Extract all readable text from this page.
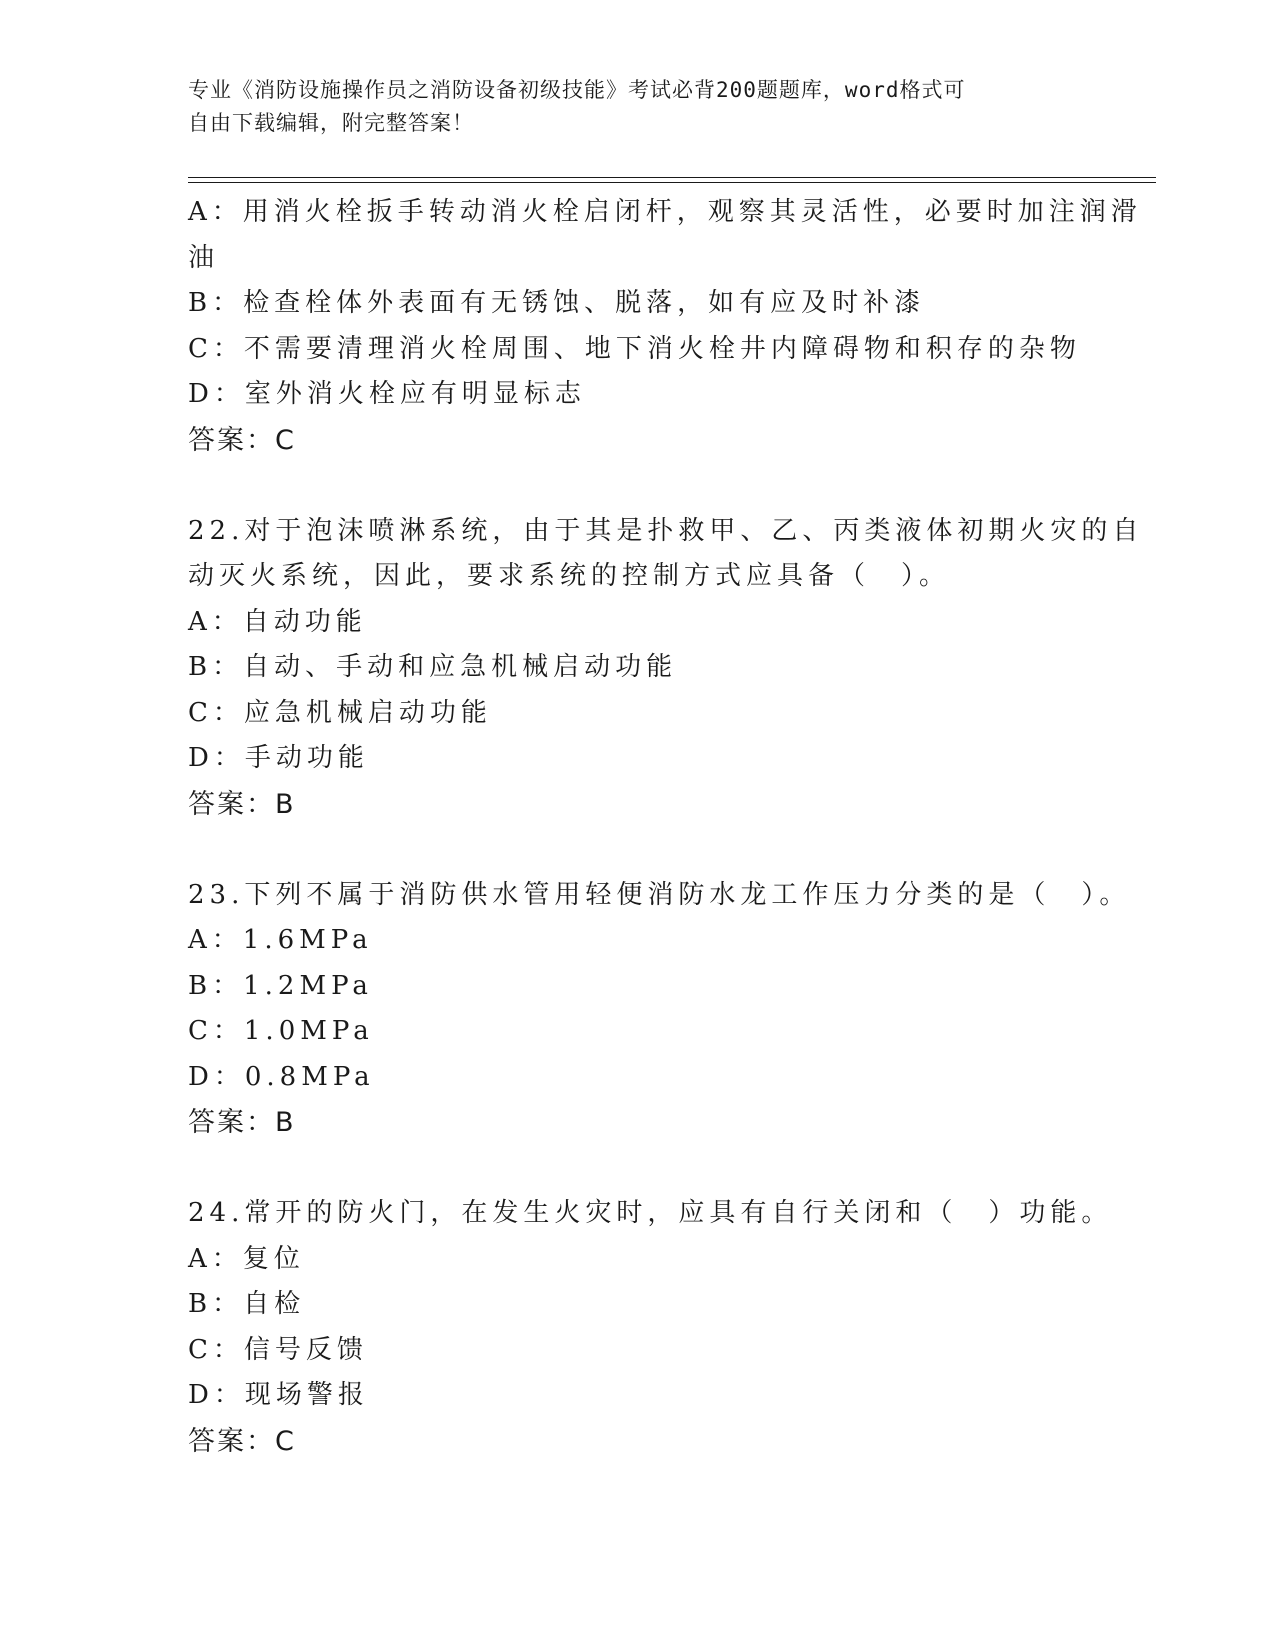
专业《消防设施操作员之消防设备初级技能》考试必背200题题库，word格式可
自由下载编辑，附完整答案！
A：用消火栓扳手转动消火栓启闭杆，观察其灵活性，必要时加注润滑
油
B：检查栓体外表面有无锈蚀、脱落，如有应及时补漆
C：不需要清理消火栓周围、地下消火栓井内障碍物和积存的杂物
D：室外消火栓应有明显标志
答案：C
22.对于泡沫喷淋系统，由于其是扑救甲、乙、丙类液体初期火灾的自
动灭火系统，因此，要求系统的控制方式应具备（　）。
A：自动功能
B：自动、手动和应急机械启动功能
C：应急机械启动功能
D：手动功能
答案：B
23.下列不属于消防供水管用轻便消防水龙工作压力分类的是（　）。
A：1.6MPa
B：1.2MPa
C：1.0MPa
D：0.8MPa
答案：B
24.常开的防火门，在发生火灾时，应具有自行关闭和（　）功能。
A：复位
B：自检
C：信号反馈
D：现场警报
答案：C
